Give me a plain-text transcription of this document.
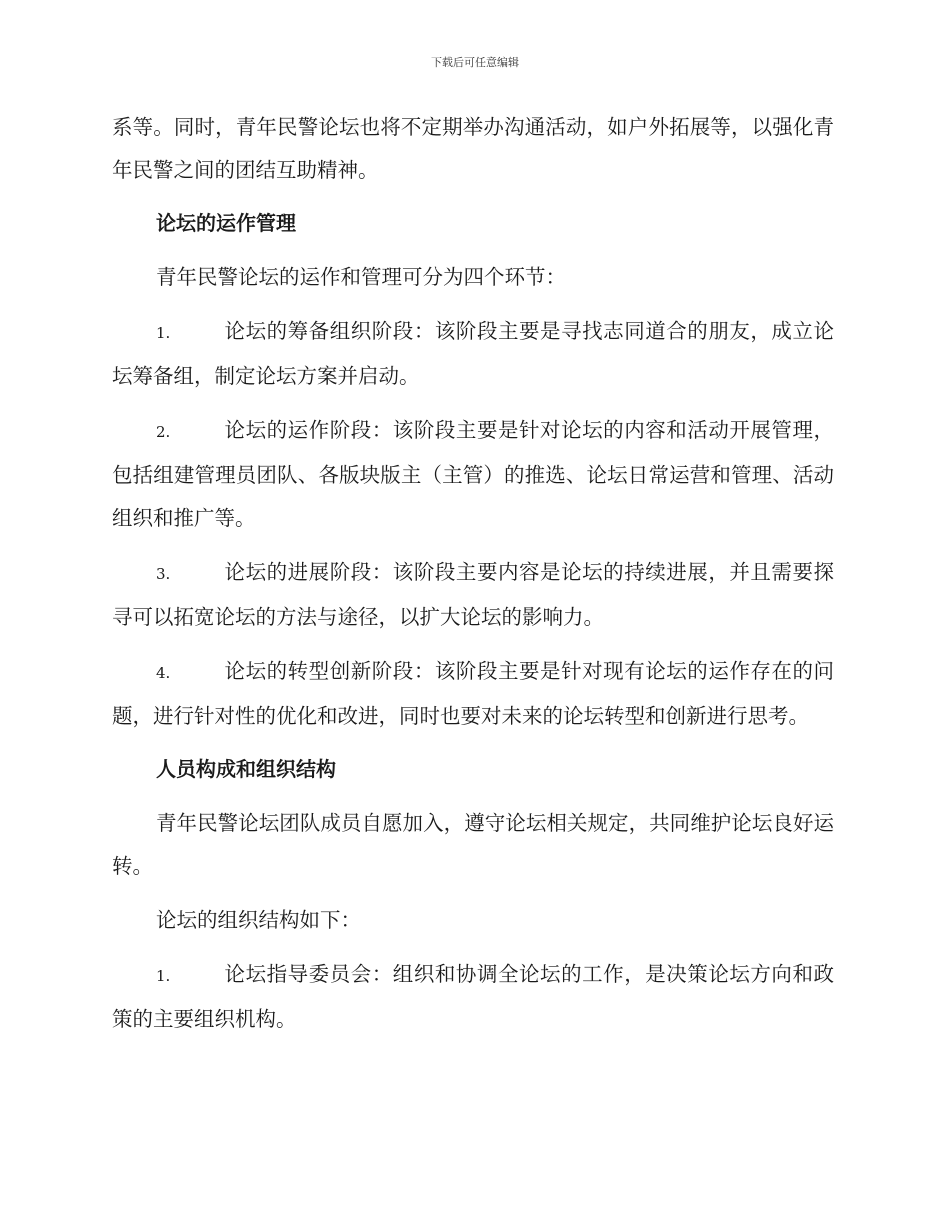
下载后可任意编辑

系等。同时，青年民警论坛也将不定期举办沟通活动，如户外拓展等，以强化青年民警之间的团结互助精神。

论坛的运作管理

青年民警论坛的运作和管理可分为四个环节：

1.	论坛的筹备组织阶段：该阶段主要是寻找志同道合的朋友，成立论坛筹备组，制定论坛方案并启动。
2.	论坛的运作阶段：该阶段主要是针对论坛的内容和活动开展管理，包括组建管理员团队、各版块版主（主管）的推选、论坛日常运营和管理、活动组织和推广等。
3.	论坛的进展阶段：该阶段主要内容是论坛的持续进展，并且需要探寻可以拓宽论坛的方法与途径，以扩大论坛的影响力。
4.	论坛的转型创新阶段：该阶段主要是针对现有论坛的运作存在的问题，进行针对性的优化和改进，同时也要对未来的论坛转型和创新进行思考。
人员构成和组织结构

青年民警论坛团队成员自愿加入，遵守论坛相关规定，共同维护论坛良好运转。

论坛的组织结构如下：

1.	论坛指导委员会：组织和协调全论坛的工作，是决策论坛方向和政策的主要组织机构。
